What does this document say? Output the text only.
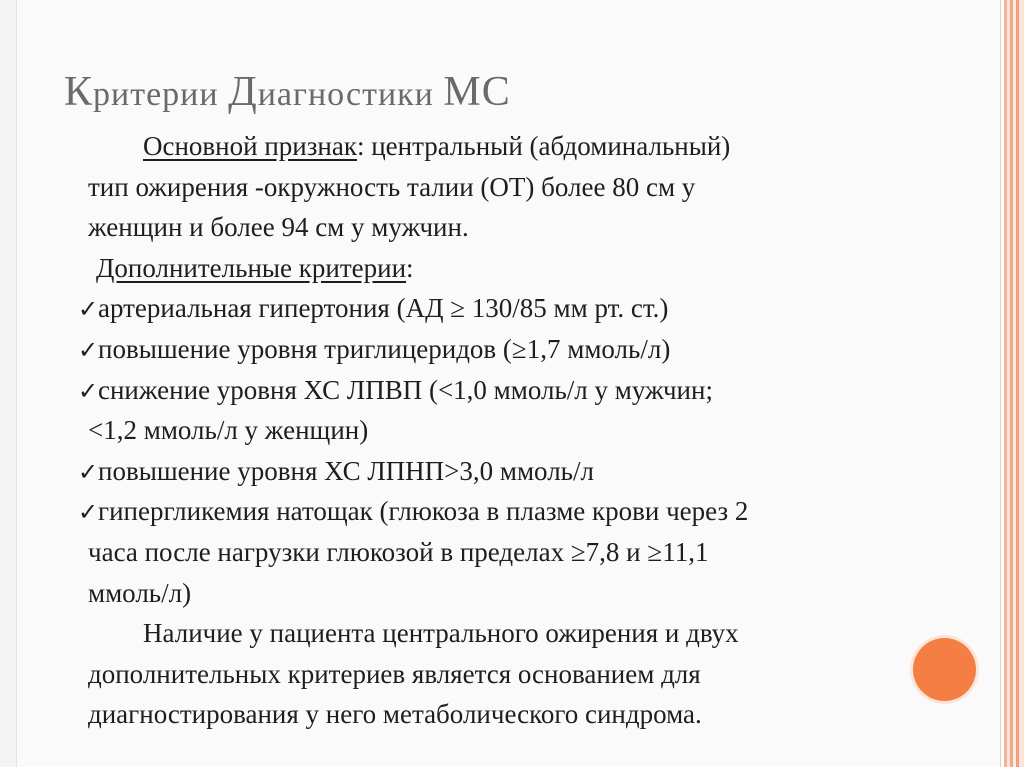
Критерии Диагностики МС
Основной признак: центральный (абдоминальный)
тип ожирения -окружность талии (ОТ) более 80 см у
женщин и более 94 см у мужчин.
Дополнительные критерии:
✓артериальная гипертония (АД ≥ 130/85 мм рт. ст.)
✓повышение уровня триглицеридов (≥1,7 ммоль/л)
✓снижение уровня ХС ЛПВП (<1,0 ммоль/л у мужчин;
<1,2 ммоль/л у женщин)
✓повышение уровня ХС ЛПНП>3,0 ммоль/л
✓гипергликемия натощак (глюкоза в плазме крови через 2
часа после нагрузки глюкозой в пределах ≥7,8 и ≥11,1
ммоль/л)
Наличие у пациента центрального ожирения и двух
дополнительных критериев является основанием для
диагностирования у него метаболического синдрома.
